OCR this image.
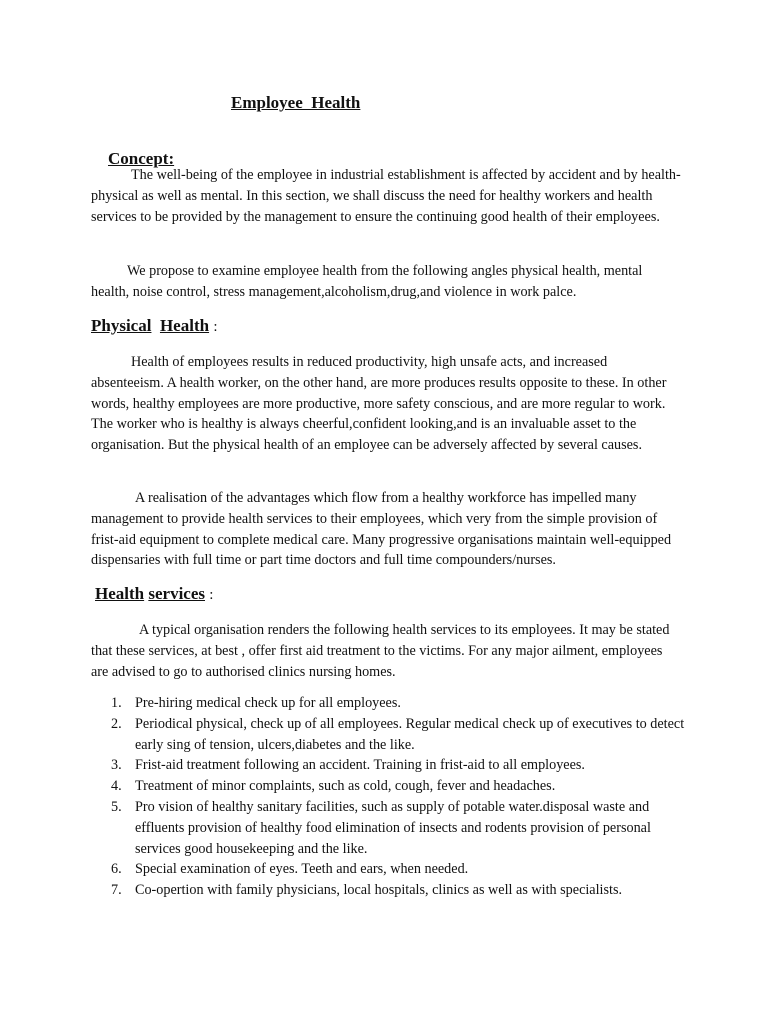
Employee  Health

Concept:

The well-being of the employee in industrial establishment is affected by accident and by health-physical as well as mental. In this section, we shall discuss the need for healthy workers and health services to be provided by the management to ensure the continuing good health of their employees.

We propose to examine employee health from the following angles physical health, mental health, noise control, stress management,alcoholism,drug,and violence in work palce.

Physical Health :

Health of employees results in reduced productivity, high unsafe acts, and increased absenteeism. A health worker, on the other hand, are more produces results opposite to these. In other words, healthy employees are more productive, more safety conscious, and are more regular to work. The worker who is healthy is always cheerful,confident looking,and is an invaluable asset to the organisation. But the physical health of an employee can be adversely affected by several causes.

A realisation of the advantages which flow from a healthy workforce has impelled many management to provide health services to their employees, which very from the simple provision of frist-aid equipment to complete medical care. Many progressive organisations maintain well-equipped dispensaries with full time or part time doctors and full time compounders/nurses.

Health services :

A typical organisation renders the following health services to its employees. It may be stated that these services, at best , offer first aid treatment to the victims. For any major ailment, employees are advised to go to authorised clinics nursing homes.

1. Pre-hiring medical check up for all employees.
2. Periodical physical, check up of all employees. Regular medical check up of executives to detect early sing of tension, ulcers,diabetes and the like.
3. Frist-aid treatment following an accident. Training in frist-aid to all employees.
4. Treatment of minor complaints, such as cold, cough, fever and headaches.
5. Pro vision of healthy sanitary facilities, such as supply of potable water.disposal waste and effluents provision of healthy food elimination of insects and rodents provision of personal services good housekeeping and the like.
6. Special examination of eyes. Teeth and ears, when needed.
7. Co-opertion with family physicians, local hospitals, clinics as well as with specialists.
